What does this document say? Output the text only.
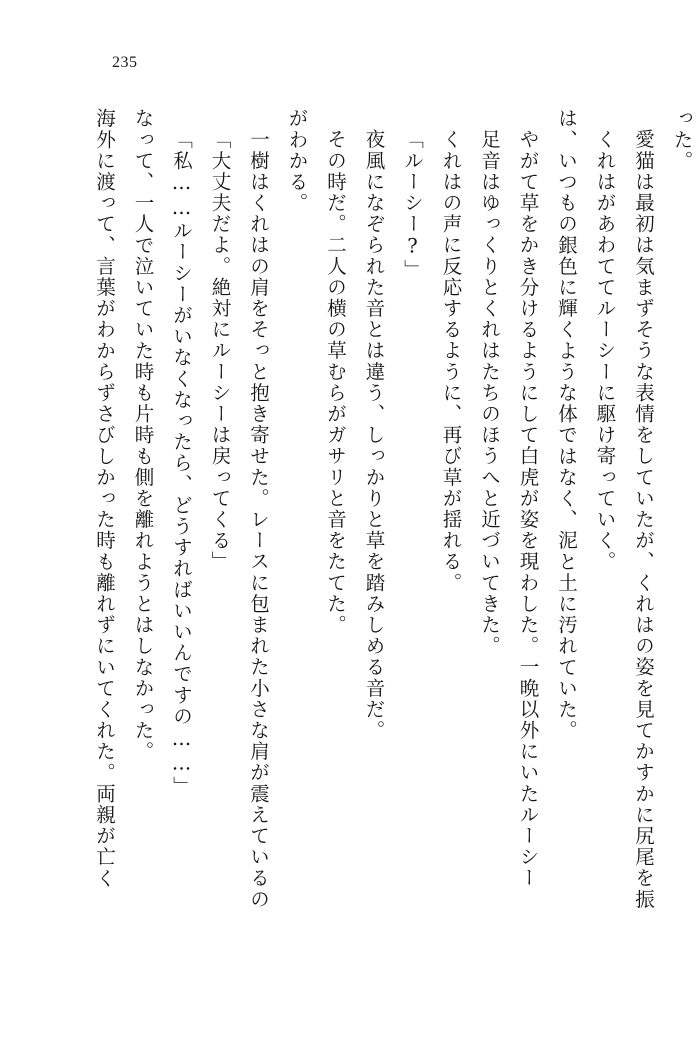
235
海外に渡って、言葉がわからずさびしかった時も離れずにいてくれた。両親が亡く なって、一人で泣いていた時も片時も側を離れようとはしなかった。 「私……ルーシーがいなくなったら、どうすればいいんですの……」 「大丈夫だよ。絶対にルーシーは戻ってくる」 一樹はくれはの肩をそっと抱き寄せた。レースに包まれた小さな肩が震えているの がわかる。 その時だ。二人の横の草むらがガサリと音をたてた。 夜風になぞられた音とは違う、しっかりと草を踏みしめる音だ。 「ルーシー?」 くれはの声に反応するように、再び草が揺れる。 足音はゆっくりとくれはたちのほうへと近づいてきた。 やがて草をかき分けるようにして白虎が姿を現わした。一晩以外にいたルーシー は、いつもの銀色に輝くような体ではなく、泥と土に汚れていた。 くれはがあわててルーシーに駆け寄っていく。 愛猫は最初は気まずそうな表情をしていたが、くれはの姿を見てかすかに尻尾を振 った。
